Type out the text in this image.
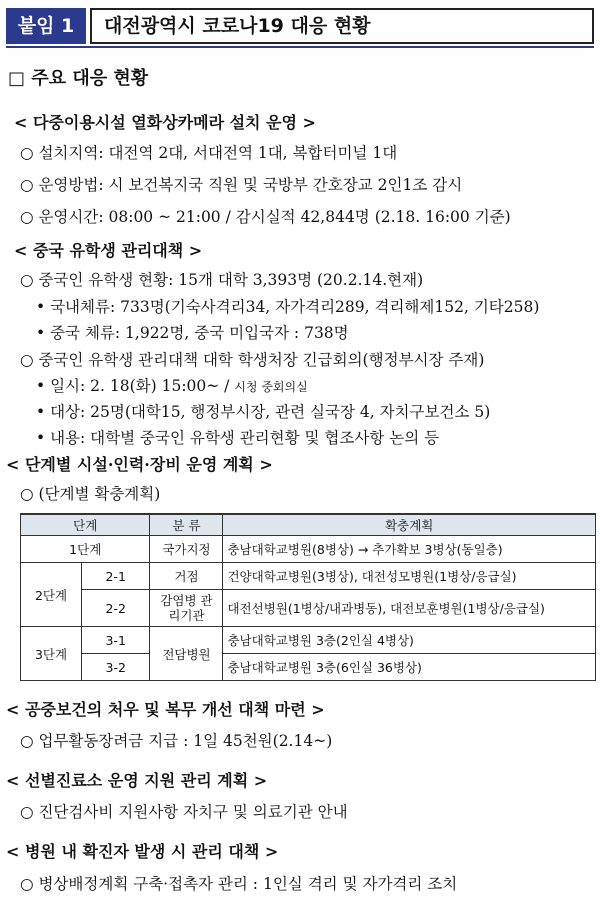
붙임 1	대전광역시 코로나19 대응 현황
□ 주요 대응 현황
< 다중이용시설 열화상카메라 설치 운영 >
○ 설치지역: 대전역 2대, 서대전역 1대, 복합터미널 1대
○ 운영방법: 시 보건복지국 직원 및 국방부 간호장교 2인1조 감시
○ 운영시간: 08:00 ~ 21:00 / 감시실적 42,844명 (2.18. 16:00 기준)
< 중국 유학생 관리대책 >
○ 중국인 유학생 현황: 15개 대학 3,393명 (20.2.14.현재)
• 국내체류: 733명(기숙사격리34, 자가격리289, 격리해제152, 기타258)
• 중국 체류: 1,922명, 중국 미입국자 : 738명
○ 중국인 유학생 관리대책 대학 학생처장 긴급회의(행정부시장 주재)
• 일시: 2. 18(화) 15:00~ / 시청 중회의실
• 대상: 25명(대학15, 행정부시장, 관련 실국장 4, 자치구보건소 5)
• 내용: 대학별 중국인 유학생 관리현황 및 협조사항 논의 등
< 단계별 시설·인력·장비 운영 계획 >
○ (단계별 확충계획)
단계		분 류	확충계획
1단계		국가지정	충남대학교병원(8병상) → 추가확보 3병상(동일층)
2단계	2-1	거점	건양대학교병원(3병상), 대전성모병원(1병상/응급실)
	2-2	감염병 관리기관	대전선병원(1병상/내과병동), 대전보훈병원(1병상/응급실)
3단계	3-1	전담병원	충남대학교병원 3층(2인실 4병상)
	3-2		충남대학교병원 3층(6인실 36병상)
< 공중보건의 처우 및 복무 개선 대책 마련 >
○ 업무활동장려금 지급 : 1일 45천원(2.14~)
< 선별진료소 운영 지원 관리 계획 >
○ 진단검사비 지원사항 자치구 및 의료기관 안내
< 병원 내 확진자 발생 시 관리 대책 >
○ 병상배정계획 구축·접촉자 관리 : 1인실 격리 및 자가격리 조치
